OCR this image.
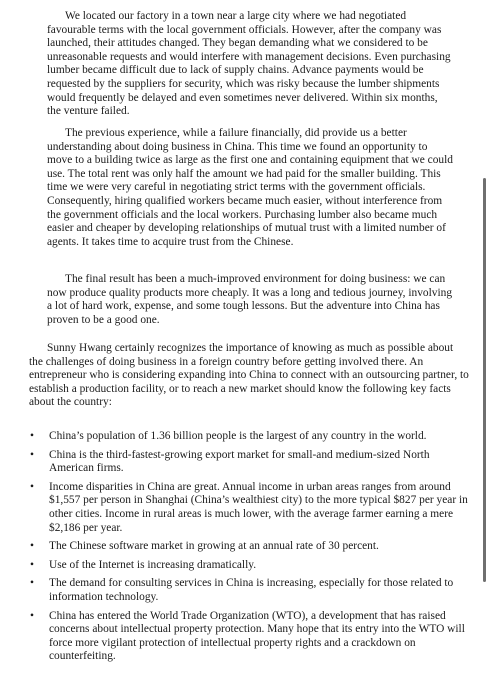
We located our factory in a town near a large city where we had negotiated favourable terms with the local government officials. However, after the company was launched, their attitudes changed. They began demanding what we considered to be unreasonable requests and would interfere with management decisions. Even purchasing lumber became difficult due to lack of supply chains. Advance payments would be requested by the suppliers for security, which was risky because the lumber shipments would frequently be delayed and even sometimes never delivered. Within six months, the venture failed.

The previous experience, while a failure financially, did provide us a better understanding about doing business in China. This time we found an opportunity to move to a building twice as large as the first one and containing equipment that we could use. The total rent was only half the amount we had paid for the smaller building. This time we were very careful in negotiating strict terms with the government officials. Consequently, hiring qualified workers became much easier, without interference from the government officials and the local workers. Purchasing lumber also became much easier and cheaper by developing relationships of mutual trust with a limited number of agents. It takes time to acquire trust from the Chinese.

The final result has been a much-improved environment for doing business: we can now produce quality products more cheaply. It was a long and tedious journey, involving a lot of hard work, expense, and some tough lessons. But the adventure into China has proven to be a good one.

Sunny Hwang certainly recognizes the importance of knowing as much as possible about the challenges of doing business in a foreign country before getting involved there. An entrepreneur who is considering expanding into China to connect with an outsourcing partner, to establish a production facility, or to reach a new market should know the following key facts about the country:

• China’s population of 1.36 billion people is the largest of any country in the world.
• China is the third-fastest-growing export market for small-and medium-sized North American firms.
• Income disparities in China are great. Annual income in urban areas ranges from around $1,557 per person in Shanghai (China’s wealthiest city) to the more typical $827 per year in other cities. Income in rural areas is much lower, with the average farmer earning a mere $2,186 per year.
• The Chinese software market in growing at an annual rate of 30 percent.
• Use of the Internet is increasing dramatically.
• The demand for consulting services in China is increasing, especially for those related to information technology.
• China has entered the World Trade Organization (WTO), a development that has raised concerns about intellectual property protection. Many hope that its entry into the WTO will force more vigilant protection of intellectual property rights and a crackdown on counterfeiting.
